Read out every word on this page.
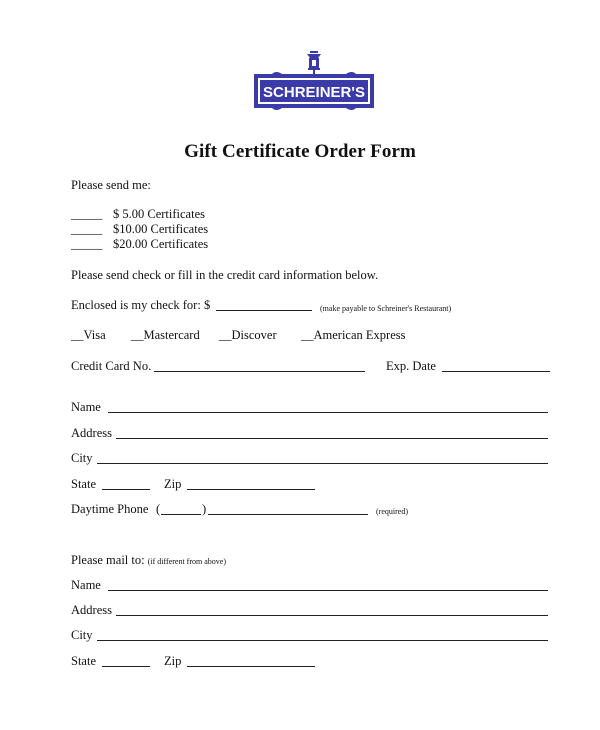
SCHREINER'S
Gift Certificate Order Form
Please send me:
_____ $ 5.00 Certificates
_____ $10.00 Certificates
_____ $20.00 Certificates
Please send check or fill in the credit card information below.
Enclosed is my check for: $	(make payable to Schreiner's Restaurant)
__Visa __Mastercard __Discover __American Express
Credit Card No.	Exp. Date
Name
Address
City
State	Zip
Daytime Phone (	)	(required)
Please mail to: (if different from above)
Name
Address
City
State	Zip
